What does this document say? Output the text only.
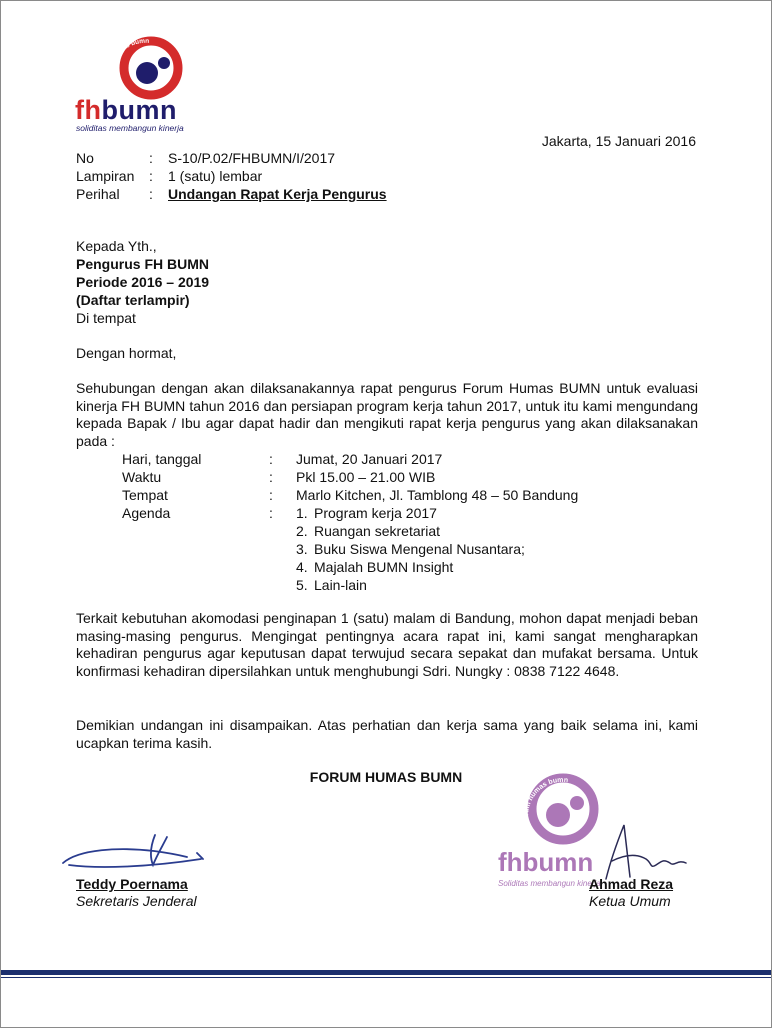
forum humas bumn
fhbumn
soliditas membangun kinerja
Jakarta, 15 Januari 2016
No	: S-10/P.02/FHBUMN/I/2017
Lampiran : 1 (satu) lembar
Perihal : Undangan Rapat Kerja Pengurus
Kepada Yth.,
Pengurus FH BUMN
Periode 2016 – 2019
(Daftar terlampir)
Di tempat
Dengan hormat,

Sehubungan dengan akan dilaksanakannya rapat pengurus Forum Humas BUMN untuk evaluasi kinerja FH BUMN tahun 2016 dan persiapan program kerja tahun 2017, untuk itu kami mengundang kepada Bapak / Ibu agar dapat hadir dan mengikuti rapat kerja pengurus yang akan dilaksanakan pada :

Hari, tanggal	: Jumat, 20 Januari 2017
Waktu	: Pkl 15.00 – 21.00 WIB
Tempat	: Marlo Kitchen, Jl. Tamblong 48 – 50 Bandung
Agenda	: 1. Program kerja 2017
2. Ruangan sekretariat
3. Buku Siswa Mengenal Nusantara;
4. Majalah BUMN Insight
5. Lain-lain

Terkait kebutuhan akomodasi penginapan 1 (satu) malam di Bandung, mohon dapat menjadi beban masing-masing pengurus. Mengingat pentingnya acara rapat ini, kami sangat mengharapkan kehadiran pengurus agar keputusan dapat terwujud secara sepakat dan mufakat bersama. Untuk konfirmasi kehadiran dipersilahkan untuk menghubungi Sdri. Nungky : 0838 7122 4648.

Demikian undangan ini disampaikan. Atas perhatian dan kerja sama yang baik selama ini, kami ucapkan terima kasih.

FORUM HUMAS BUMN
Teddy Poernama
Sekretaris Jenderal
forum humas bumn
fhbumn
Soliditas membangun kinerja
Ahmad Reza
Ketua Umum
